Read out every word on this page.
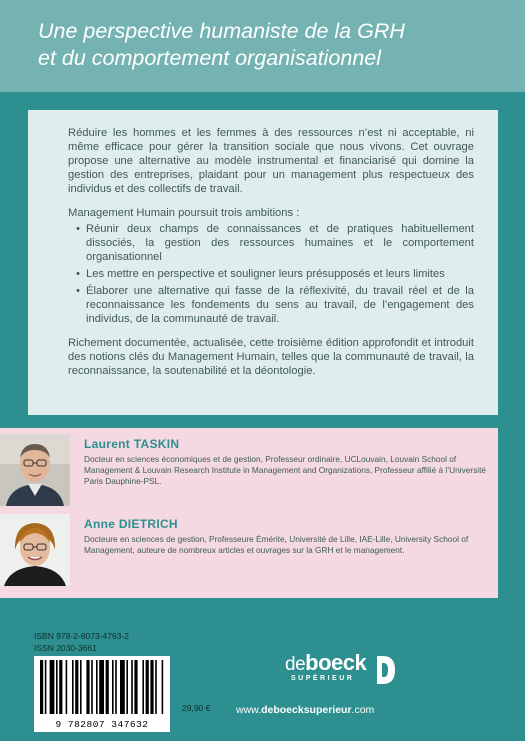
Une perspective humaniste de la GRH
et du comportement organisationnel

Réduire les hommes et les femmes à des ressources n’est ni acceptable, ni même efficace pour gérer la transition sociale que nous vivons. Cet ouvrage propose une alternative au modèle instrumental et financiarisé qui domine la gestion des entreprises, plaidant pour un management plus respectueux des individus et des collectifs de travail.

Management Humain poursuit trois ambitions :

• Réunir deux champs de connaissances et de pratiques habituellement dissociés, la gestion des ressources humaines et le comportement organisationnel
• Les mettre en perspective et souligner leurs présupposés et leurs limites
• Élaborer une alternative qui fasse de la réflexivité, du travail réel et de la reconnaissance les fondements du sens au travail, de l’engagement des individus, de la communauté de travail.

Richement documentée, actualisée, cette troisième édition approfondit et introduit des notions clés du Management Humain, telles que la communauté de travail, la reconnaissance, la soutenabilité et la déontologie.

Laurent TASKIN
Docteur en sciences économiques et de gestion, Professeur ordinaire, UCLouvain, Louvain School of Management & Louvain Research Institute in Management and Organizations, Professeur affilié à l’Université Paris Dauphine-PSL.
Anne DIETRICH
Docteure en sciences de gestion, Professeure Émérite, Université de Lille, IAE-Lille, University School of Management, auteure de nombreux articles et ouvrages sur la GRH et le management.
ISBN 978-2-8073-4763-2
ISSN 2030-3661
9 782807 347632
29,90 €
deboeck
SUPÉRIEUR
www.deboecksuperieur.com
